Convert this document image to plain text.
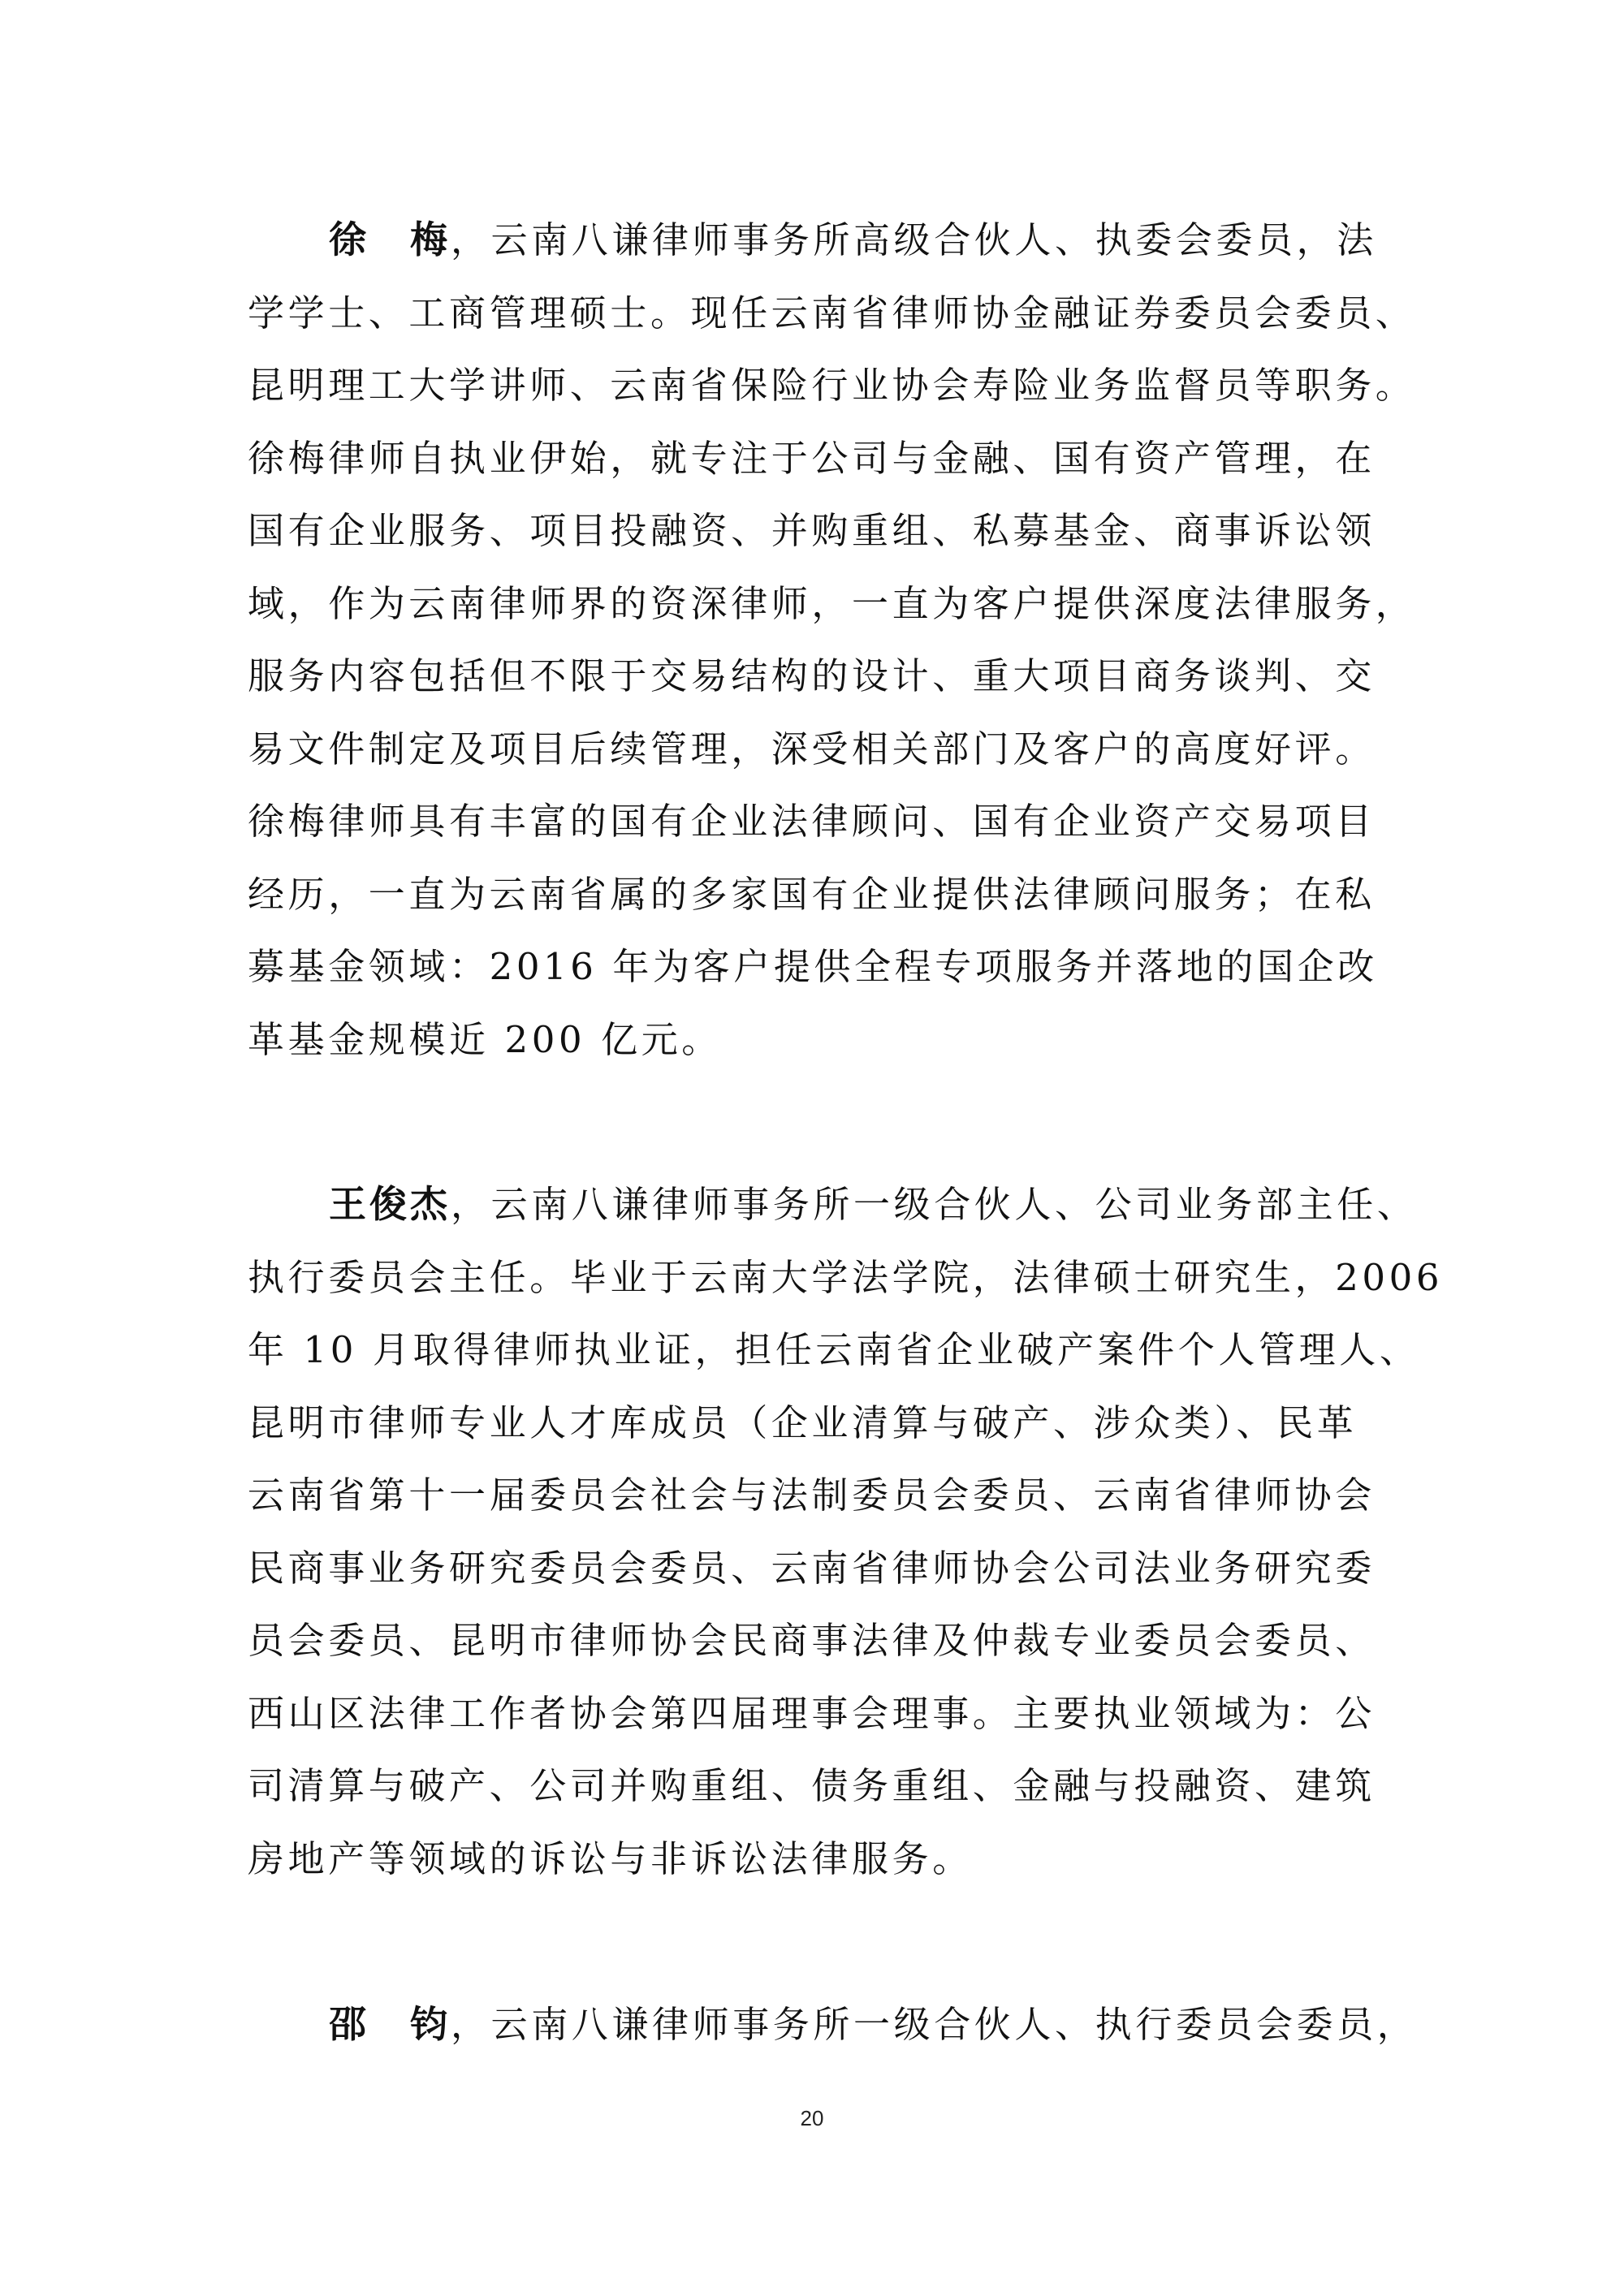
徐　梅，云南八谦律师事务所高级合伙人、执委会委员，法
学学士、工商管理硕士。现任云南省律师协金融证券委员会委员、
昆明理工大学讲师、云南省保险行业协会寿险业务监督员等职务。
徐梅律师自执业伊始，就专注于公司与金融、国有资产管理，在
国有企业服务、项目投融资、并购重组、私募基金、商事诉讼领
域，作为云南律师界的资深律师，一直为客户提供深度法律服务，
服务内容包括但不限于交易结构的设计、重大项目商务谈判、交
易文件制定及项目后续管理，深受相关部门及客户的高度好评。
徐梅律师具有丰富的国有企业法律顾问、国有企业资产交易项目
经历，一直为云南省属的多家国有企业提供法律顾问服务；在私
募基金领域：2016 年为客户提供全程专项服务并落地的国企改
革基金规模近 200 亿元。
王俊杰，云南八谦律师事务所一级合伙人、公司业务部主任、
执行委员会主任。毕业于云南大学法学院，法律硕士研究生，2006
年 10 月取得律师执业证，担任云南省企业破产案件个人管理人、
昆明市律师专业人才库成员（企业清算与破产、涉众类）、民革
云南省第十一届委员会社会与法制委员会委员、云南省律师协会
民商事业务研究委员会委员、云南省律师协会公司法业务研究委
员会委员、昆明市律师协会民商事法律及仲裁专业委员会委员、
西山区法律工作者协会第四届理事会理事。主要执业领域为：公
司清算与破产、公司并购重组、债务重组、金融与投融资、建筑
房地产等领域的诉讼与非诉讼法律服务。
邵　钧，云南八谦律师事务所一级合伙人、执行委员会委员，
20
